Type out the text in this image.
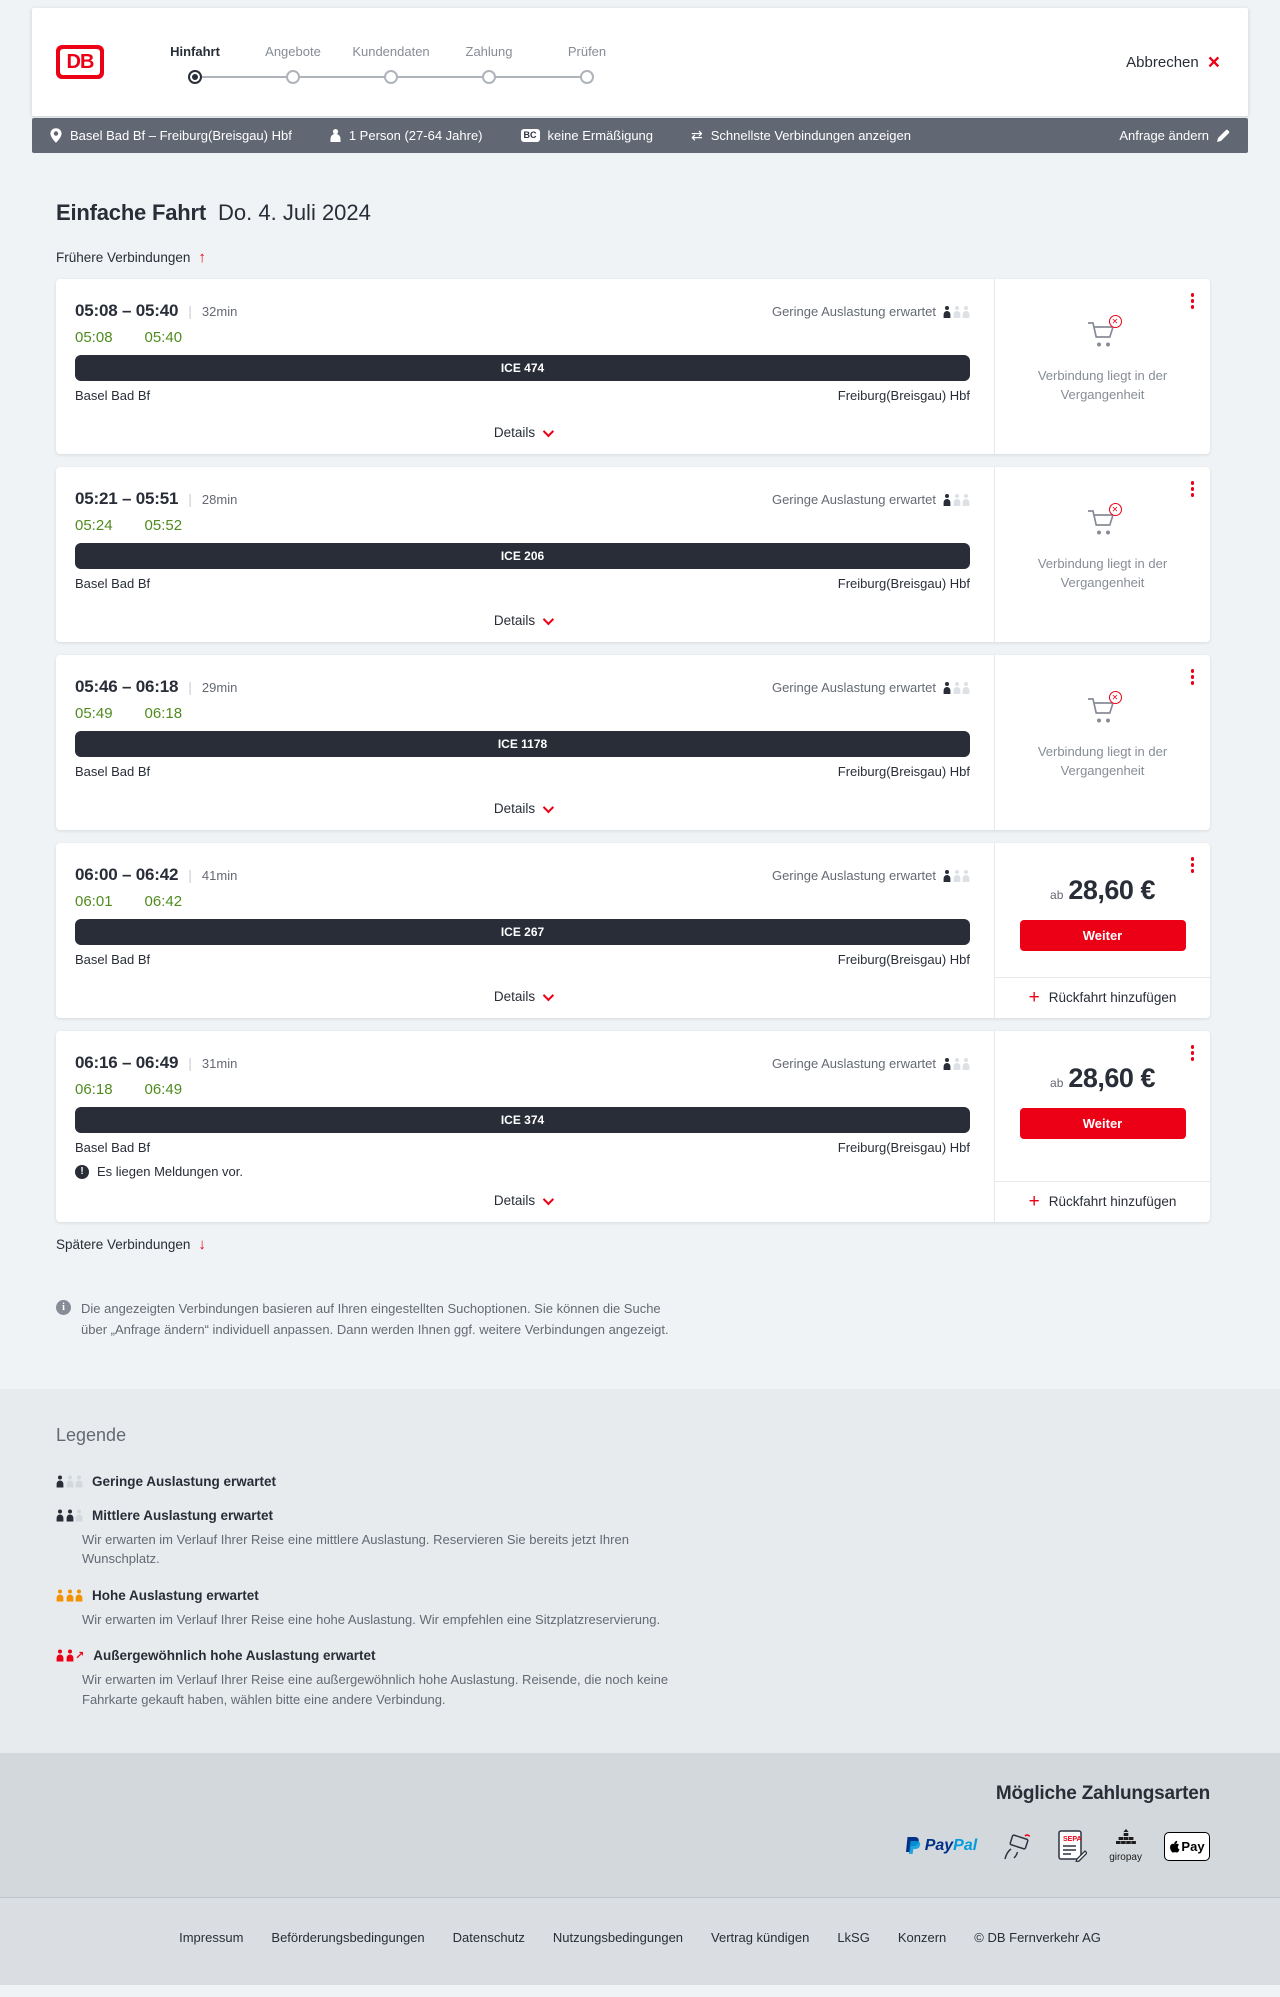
DB	Hinfahrt	Angebote Kundendaten	Zahlung	Prüfen
Abbrechen ×
Basel Bad Bf – Freiburg(Breisgau) Hbf	1 Person (27-64 Jahre)	BC keine Ermäßigung	⇄ Schnellste Verbindungen anzeigen	Anfrage ändern
Einfache Fahrt Do. 4. Juli 2024
Frühere Verbindungen ↑
05:08 – 05:40 | 32min	Geringe Auslastung erwartet
05:08 05:40
ICE 474
Basel Bad Bf	Freiburg(Breisgau) Hbf
Details
✕
Verbindung liegt in der Vergangenheit
05:21 – 05:51 | 28min	Geringe Auslastung erwartet
05:24 05:52
ICE 206
Basel Bad Bf	Freiburg(Breisgau) Hbf
Details
✕
Verbindung liegt in der Vergangenheit
05:46 – 06:18 | 29min	Geringe Auslastung erwartet
05:49 06:18
ICE 1178
Basel Bad Bf	Freiburg(Breisgau) Hbf
Details
✕
Verbindung liegt in der Vergangenheit
06:00 – 06:42 | 41min	Geringe Auslastung erwartet
06:01 06:42
ICE 267
Basel Bad Bf	Freiburg(Breisgau) Hbf
Details
ab 28,60 €
Weiter
+ Rückfahrt hinzufügen
06:16 – 06:49 | 31min	Geringe Auslastung erwartet
06:18 06:49
ICE 374
Basel Bad Bf	Freiburg(Breisgau) Hbf
!	Es liegen Meldungen vor.
Details
ab 28,60 €
Weiter
+ Rückfahrt hinzufügen
Spätere Verbindungen ↓
i	Die angezeigten Verbindungen basieren auf Ihren eingestellten Suchoptionen. Sie können die Suche über „Anfrage ändern“ individuell anpassen. Dann werden Ihnen ggf. weitere Verbindungen angezeigt.

Legende
Geringe Auslastung erwartet
Mittlere Auslastung erwartet

Wir erwarten im Verlauf Ihrer Reise eine mittlere Auslastung. Reservieren Sie bereits jetzt Ihren Wunschplatz.

Hohe Auslastung erwartet

Wir erwarten im Verlauf Ihrer Reise eine hohe Auslastung. Wir empfehlen eine Sitzplatzreservierung.

↗ Außergewöhnlich hohe Auslastung erwartet

Wir erwarten im Verlauf Ihrer Reise eine außergewöhnlich hohe Auslastung. Reisende, die noch keine Fahrkarte gekauft haben, wählen bitte eine andere Verbindung.

Mögliche Zahlungsarten
PayPal	SEPA
giropay
Pay
Impressum Beförderungsbedingungen Datenschutz Nutzungsbedingungen Vertrag kündigen LkSG Konzern © DB Fernverkehr AG
